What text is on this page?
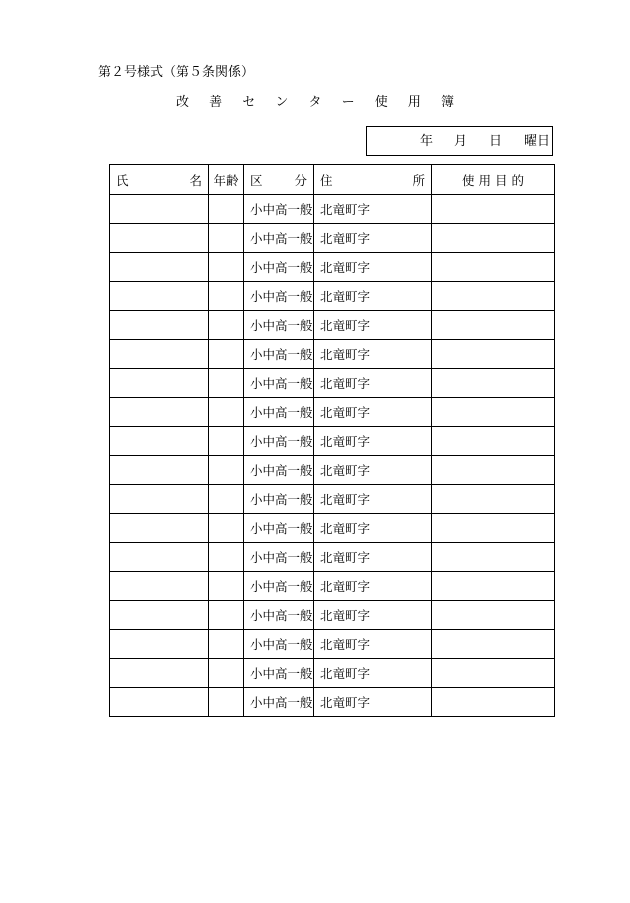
第２号様式（第５条関係）
改 善 セ ン タ ー 使 用 簿
年 月 日 曜日
氏 名	年齢	区 分	住 所	使 用 目 的
		小中高一般	北竜町字	
		小中高一般	北竜町字	
		小中高一般	北竜町字	
		小中高一般	北竜町字	
		小中高一般	北竜町字	
		小中高一般	北竜町字	
		小中高一般	北竜町字	
		小中高一般	北竜町字	
		小中高一般	北竜町字	
		小中高一般	北竜町字	
		小中高一般	北竜町字	
		小中高一般	北竜町字	
		小中高一般	北竜町字	
		小中高一般	北竜町字	
		小中高一般	北竜町字	
		小中高一般	北竜町字	
		小中高一般	北竜町字	
		小中高一般	北竜町字	
